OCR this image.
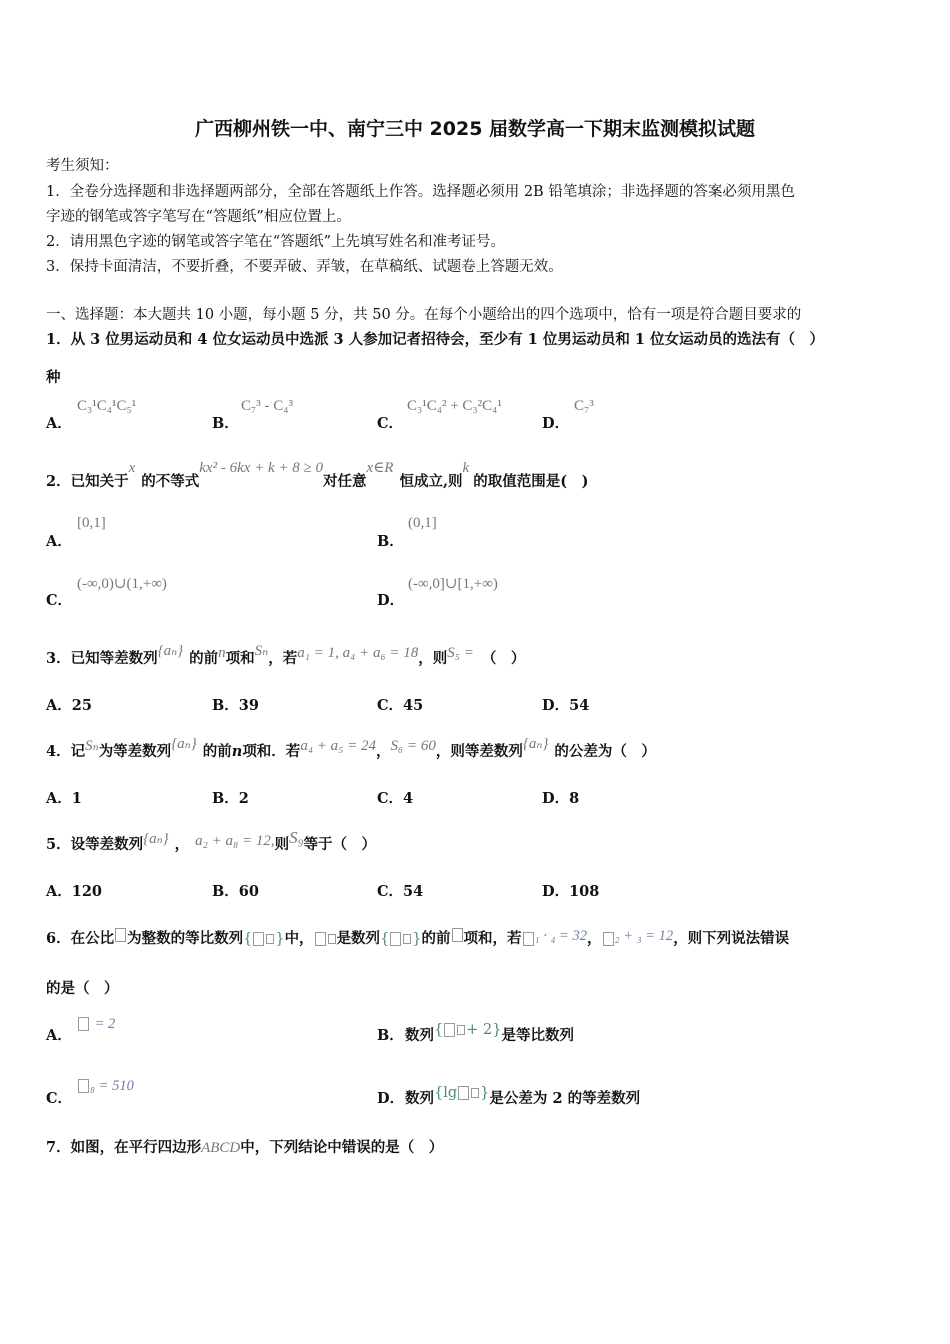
广西柳州铁一中、南宁三中 2025 届数学高一下期末监测模拟试题
考生须知：
1．全卷分选择题和非选择题两部分，全部在答题纸上作答。选择题必须用 2B 铅笔填涂；非选择题的答案必须用黑色
字迹的钢笔或答字笔写在“答题纸”相应位置上。
2．请用黑色字迹的钢笔或答字笔在“答题纸”上先填写姓名和准考证号。
3．保持卡面清洁，不要折叠，不要弄破、弄皱，在草稿纸、试题卷上答题无效。
一、选择题：本大题共 10 小题，每小题 5 分，共 50 分。在每个小题给出的四个选项中，恰有一项是符合题目要求的
1．从 3 位男运动员和 4 位女运动员中选派 3 人参加记者招待会，至少有 1 位男运动员和 1 位女运动员的选法有（　）
种
A．
C₃¹C₄¹C₅¹
B．
C₇³ - C₄³
C．
C₃¹C₄² + C₃²C₄¹
D．
C₇³
2．已知关于x的不等式kx² - 6kx + k + 8 ≥ 0对任意x∈R恒成立,则k的取值范围是(　)
A．
[0,1]
B．
(0,1]
C．
(-∞,0)∪(1,+∞)
D．
(-∞,0]∪[1,+∞)
3．已知等差数列{aₙ} 的前n项和Sₙ，若a₁ = 1, a₄ + a₆ = 18，则S₅ = （　）
A．25	B．39	C．45	D．54
4．记Sₙ为等差数列{aₙ} 的前n项和．若a₄ + a₅ = 24，S₆ = 60，则等差数列{aₙ} 的公差为（　）
A．1	B．2	C．4	D．8
5．设等差数列{aₙ} ， a₂ + a₈ = 12,则S₉等于（　）
A．120	B．60	C．54	D．108
6．在公比 为整数的等比数列{ }中， 是数列{ }的前 项和，若 ₁ · ₄ = 32， ₂ + ₃ = 12，则下列说法错误
的是（　）
A．
= 2
B． 数列{ + 2}是等比数列
C．
₈ = 510
D． 数列{lg }是公差为 2 的等差数列
7．如图，在平行四边形ABCD中，下列结论中错误的是（　）
